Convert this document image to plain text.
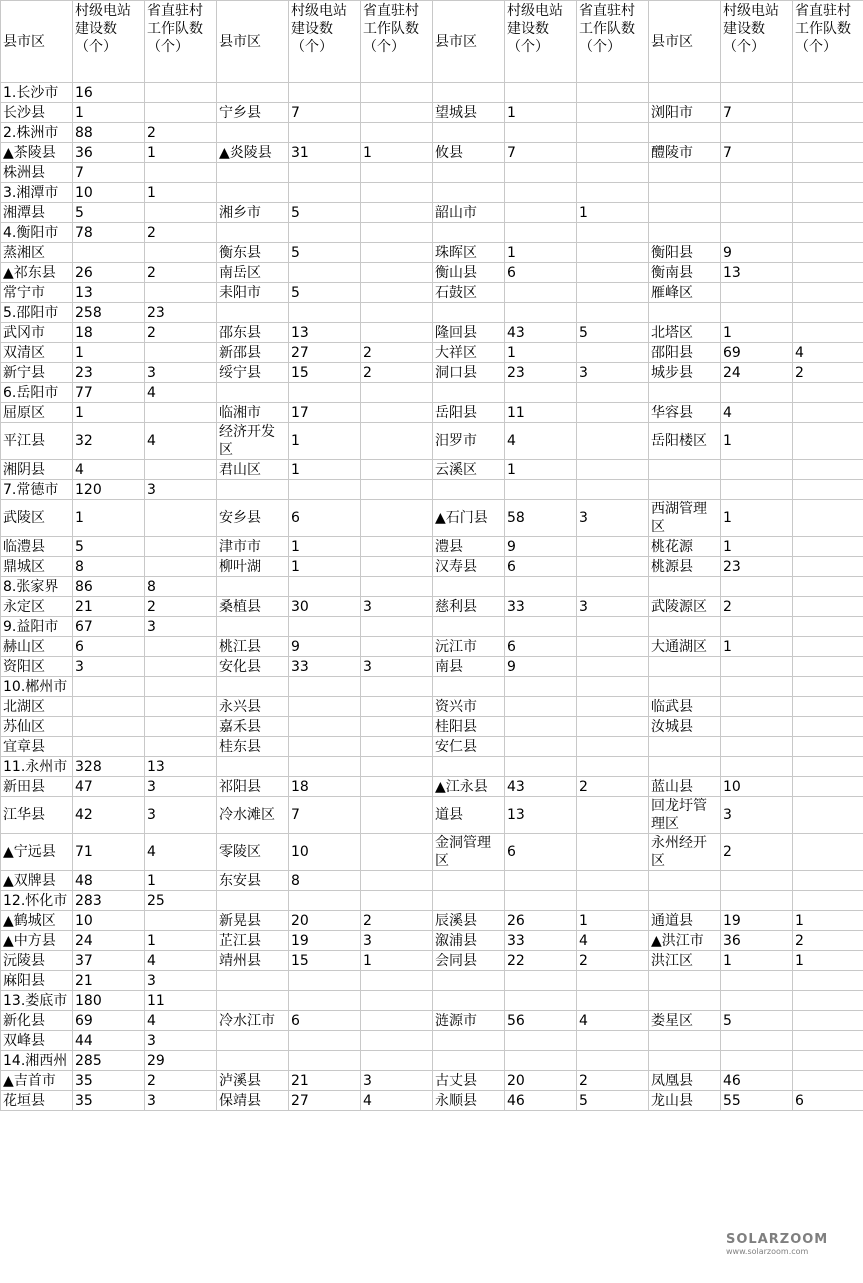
县市区	村级电站建设数（个）	省直驻村工作队数（个）	县市区	村级电站建设数（个）	省直驻村工作队数（个）	县市区	村级电站建设数（个）	省直驻村工作队数（个）	县市区	村级电站建设数（个）	省直驻村工作队数（个）
1.长沙市	16										
长沙县	1		宁乡县	7		望城县	1		浏阳市	7	
2.株洲市	88	2									
▲茶陵县	36	1	▲炎陵县	31	1	攸县	7		醴陵市	7	
株洲县	7										
3.湘潭市	10	1									
湘潭县	5		湘乡市	5		韶山市		1			
4.衡阳市	78	2									
蒸湘区			衡东县	5		珠晖区	1		衡阳县	9	
▲祁东县	26	2	南岳区			衡山县	6		衡南县	13	
常宁市	13		耒阳市	5		石鼓区			雁峰区		
5.邵阳市	258	23									
武冈市	18	2	邵东县	13		隆回县	43	5	北塔区	1	
双清区	1		新邵县	27	2	大祥区	1		邵阳县	69	4
新宁县	23	3	绥宁县	15	2	洞口县	23	3	城步县	24	2
6.岳阳市	77	4									
屈原区	1		临湘市	17		岳阳县	11		华容县	4	
平江县	32	4	经济开发区	1		汨罗市	4		岳阳楼区	1	
湘阴县	4		君山区	1		云溪区	1				
7.常德市	120	3									
武陵区	1		安乡县	6		▲石门县	58	3	西湖管理区	1	
临澧县	5		津市市	1		澧县	9		桃花源	1	
鼎城区	8		柳叶湖	1		汉寿县	6		桃源县	23	
8.张家界	86	8									
永定区	21	2	桑植县	30	3	慈利县	33	3	武陵源区	2	
9.益阳市	67	3									
赫山区	6		桃江县	9		沅江市	6		大通湖区	1	
资阳区	3		安化县	33	3	南县	9				
10.郴州市											
北湖区			永兴县			资兴市			临武县		
苏仙区			嘉禾县			桂阳县			汝城县		
宜章县			桂东县			安仁县					
11.永州市	328	13									
新田县	47	3	祁阳县	18		▲江永县	43	2	蓝山县	10	
江华县	42	3	冷水滩区	7		道县	13		回龙圩管理区	3	
▲宁远县	71	4	零陵区	10		金洞管理区	6		永州经开区	2	
▲双牌县	48	1	东安县	8							
12.怀化市	283	25									
▲鹤城区	10		新晃县	20	2	辰溪县	26	1	通道县	19	1
▲中方县	24	1	芷江县	19	3	溆浦县	33	4	▲洪江市	36	2
沅陵县	37	4	靖州县	15	1	会同县	22	2	洪江区	1	1
麻阳县	21	3									
13.娄底市	180	11									
新化县	69	4	冷水江市	6		涟源市	56	4	娄星区	5	
双峰县	44	3									
14.湘西州	285	29									
▲吉首市	35	2	泸溪县	21	3	古丈县	20	2	凤凰县	46	
花垣县	35	3	保靖县	27	4	永顺县	46	5	龙山县	55	6
SOLARZOOM
www.solarzoom.com
